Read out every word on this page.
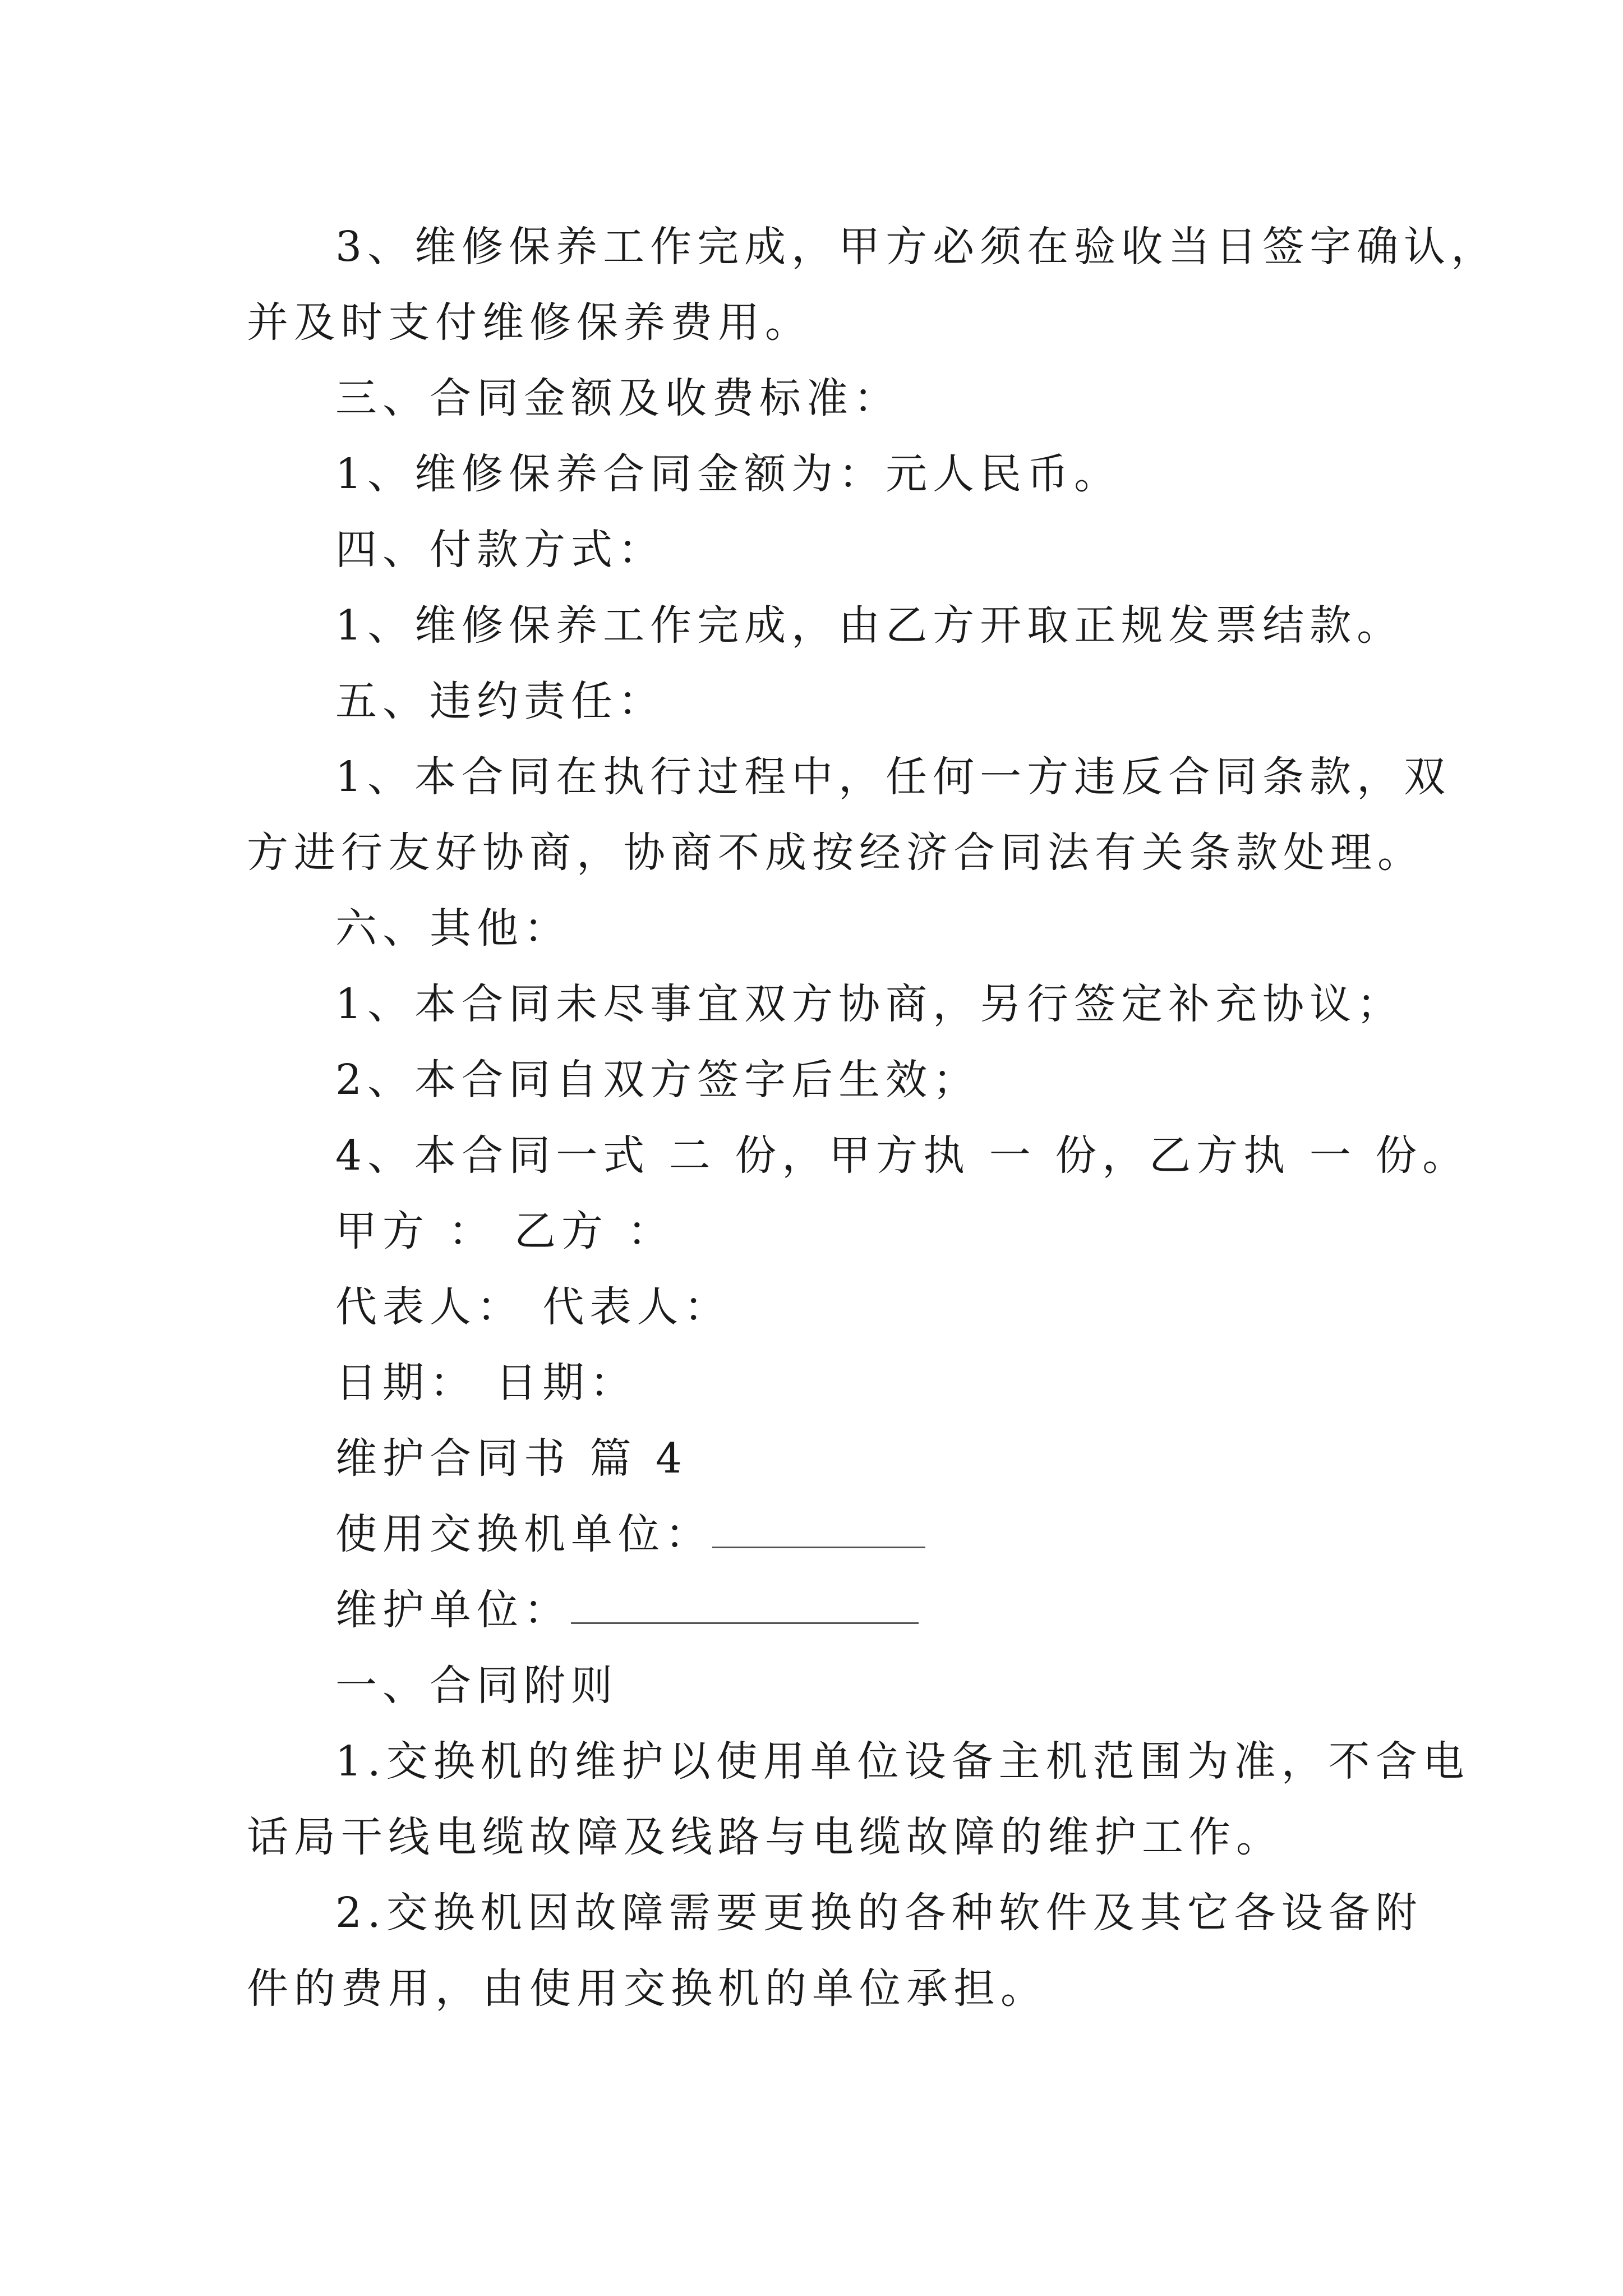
3、维修保养工作完成，甲方必须在验收当日签字确认，
并及时支付维修保养费用。
三、合同金额及收费标准：
1、维修保养合同金额为：元人民币。
四、付款方式：
1、维修保养工作完成，由乙方开取正规发票结款。
五、违约责任：
1、本合同在执行过程中，任何一方违反合同条款，双
方进行友好协商，协商不成按经济合同法有关条款处理。
六、其他：
1、本合同未尽事宜双方协商，另行签定补充协议；
2、本合同自双方签字后生效；
4、本合同一式 二 份，甲方执 一 份，乙方执 一 份。
甲方 ： 乙方 ：
代表人： 代表人：
日期： 日期：
维护合同书 篇 4
使用交换机单位：
维护单位：
一、合同附则
1.交换机的维护以使用单位设备主机范围为准，不含电
话局干线电缆故障及线路与电缆故障的维护工作。
2.交换机因故障需要更换的各种软件及其它各设备附
件的费用，由使用交换机的单位承担。
